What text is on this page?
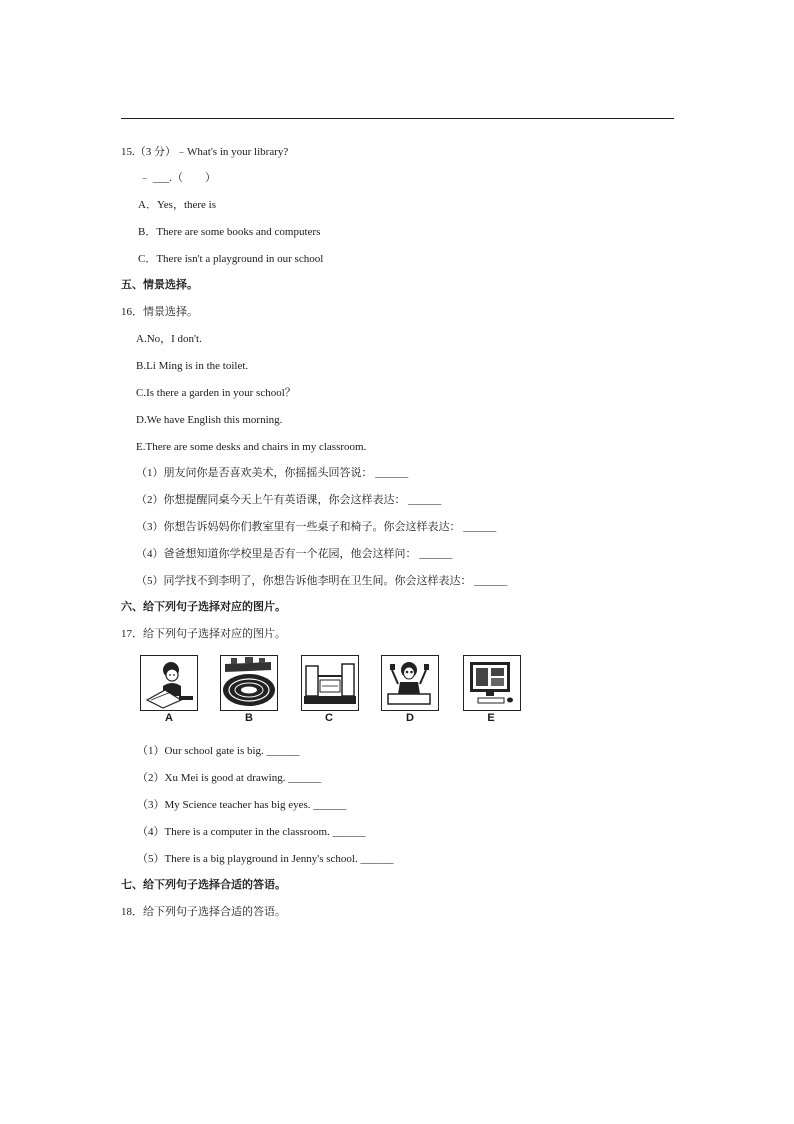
15.（3 分）﹣What's in your library?
﹣ ___.（　　）
A．Yes，there is
B．There are some books and computers
C．There isn't a playground in our school
五、情景选择。
16．情景选择。
A.No，I don't.
B.Li Ming is in the toilet.
C.Is there a garden in your school？
D.We have English this morning.
E.There are some desks and chairs in my classroom.
（1）朋友问你是否喜欢美术，你摇摇头回答说： ______
（2）你想提醒同桌今天上午有英语课，你会这样表达： ______
（3）你想告诉妈妈你们教室里有一些桌子和椅子。你会这样表达： ______
（4）爸爸想知道你学校里是否有一个花园，他会这样问： ______
（5）同学找不到李明了，你想告诉他李明在卫生间。你会这样表达： ______
六、给下列句子选择对应的图片。
17．给下列句子选择对应的图片。
A	B	C	D	E
（1）Our school gate is big. ______
（2）Xu Mei is good at drawing. ______
（3）My Science teacher has big eyes. ______
（4）There is a computer in the classroom. ______
（5）There is a big playground in Jenny's school. ______
七、给下列句子选择合适的答语。
18．给下列句子选择合适的答语。
